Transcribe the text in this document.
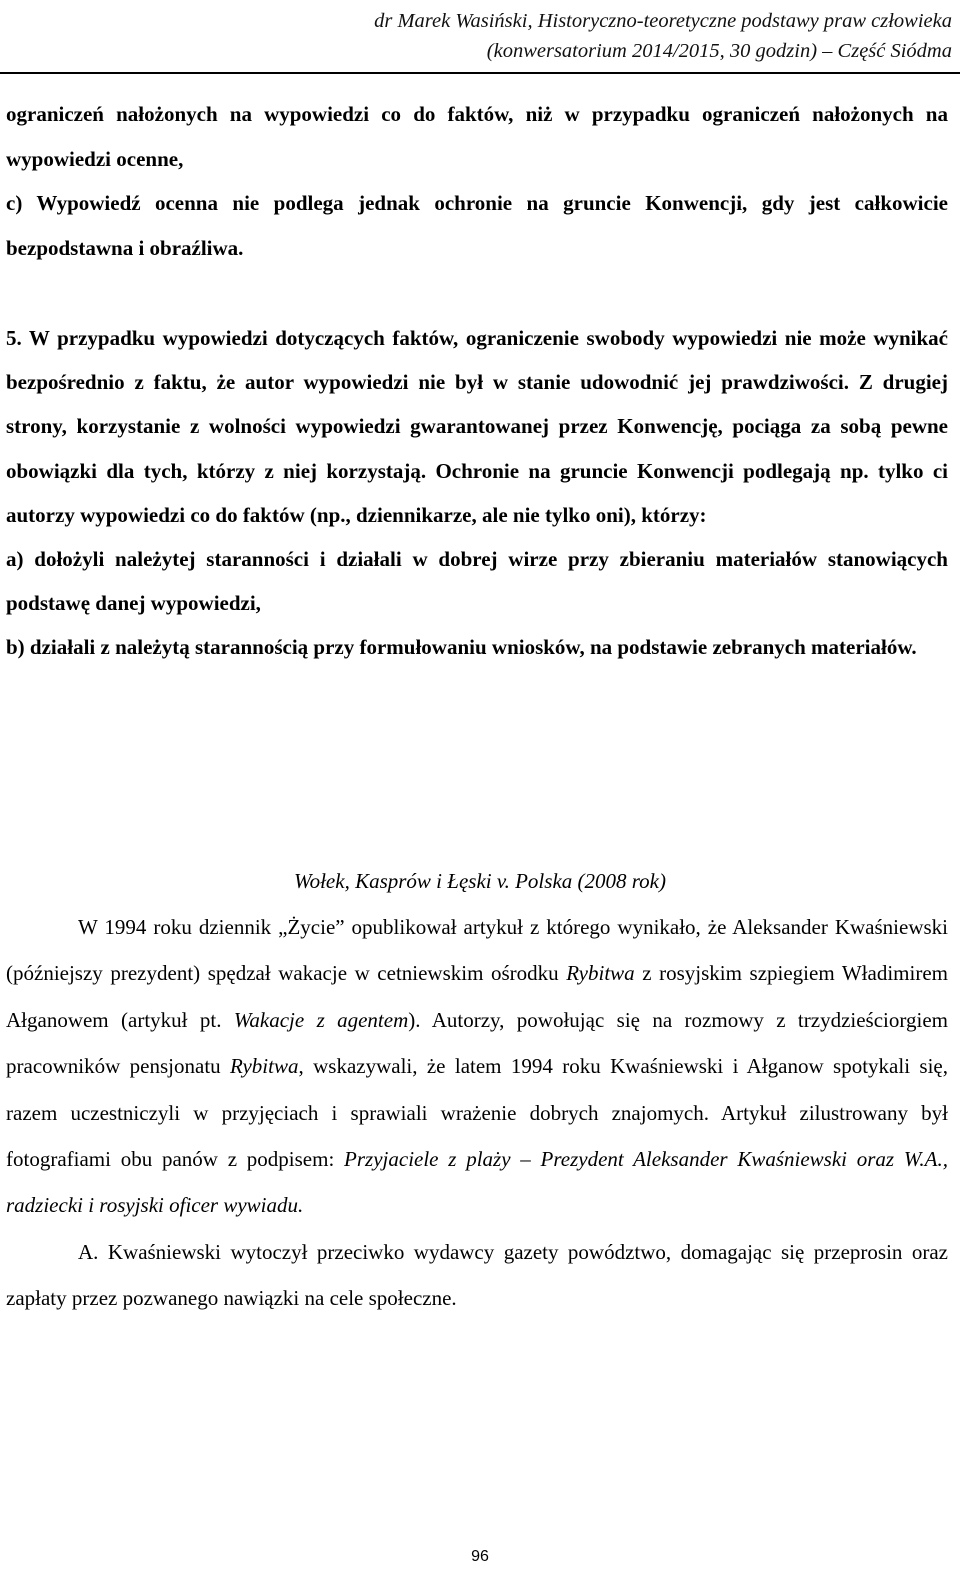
dr Marek Wasiński, Historyczno-teoretyczne podstawy praw człowieka
(konwersatorium 2014/2015, 30 godzin) – Część Siódma

ograniczeń nałożonych na wypowiedzi co do faktów, niż w przypadku ograniczeń nałożonych na wypowiedzi ocenne,

c) Wypowiedź ocenna nie podlega jednak ochronie na gruncie Konwencji, gdy jest całkowicie bezpodstawna i obraźliwa.

5. W przypadku wypowiedzi dotyczących faktów, ograniczenie swobody wypowiedzi nie może wynikać bezpośrednio z faktu, że autor wypowiedzi nie był w stanie udowodnić jej prawdziwości. Z drugiej strony, korzystanie z wolności wypowiedzi gwarantowanej przez Konwencję, pociąga za sobą pewne obowiązki dla tych, którzy z niej korzystają. Ochronie na gruncie Konwencji podlegają np. tylko ci autorzy wypowiedzi co do faktów (np., dziennikarze, ale nie tylko oni), którzy:

a) dołożyli należytej staranności i działali w dobrej wirze przy zbieraniu materiałów stanowiących podstawę danej wypowiedzi,

b) działali z należytą starannością przy formułowaniu wniosków, na podstawie zebranych materiałów.

Wołek, Kasprów i Łęski v. Polska (2008 rok)

W 1994 roku dziennik „Życie” opublikował artykuł z którego wynikało, że Aleksander Kwaśniewski (późniejszy prezydent) spędzał wakacje w cetniewskim ośrodku Rybitwa z rosyjskim szpiegiem Władimirem Ałganowem (artykuł pt. Wakacje z agentem). Autorzy, powołując się na rozmowy z trzydzieściorgiem pracowników pensjonatu Rybitwa, wskazywali, że latem 1994 roku Kwaśniewski i Ałganow spotykali się, razem uczestniczyli w przyjęciach i sprawiali wrażenie dobrych znajomych. Artykuł zilustrowany był fotografiami obu panów z podpisem: Przyjaciele z plaży – Prezydent Aleksander Kwaśniewski oraz W.A., radziecki i rosyjski oficer wywiadu.

A. Kwaśniewski wytoczył przeciwko wydawcy gazety powództwo, domagając się przeprosin oraz zapłaty przez pozwanego nawiązki na cele społeczne.

96
